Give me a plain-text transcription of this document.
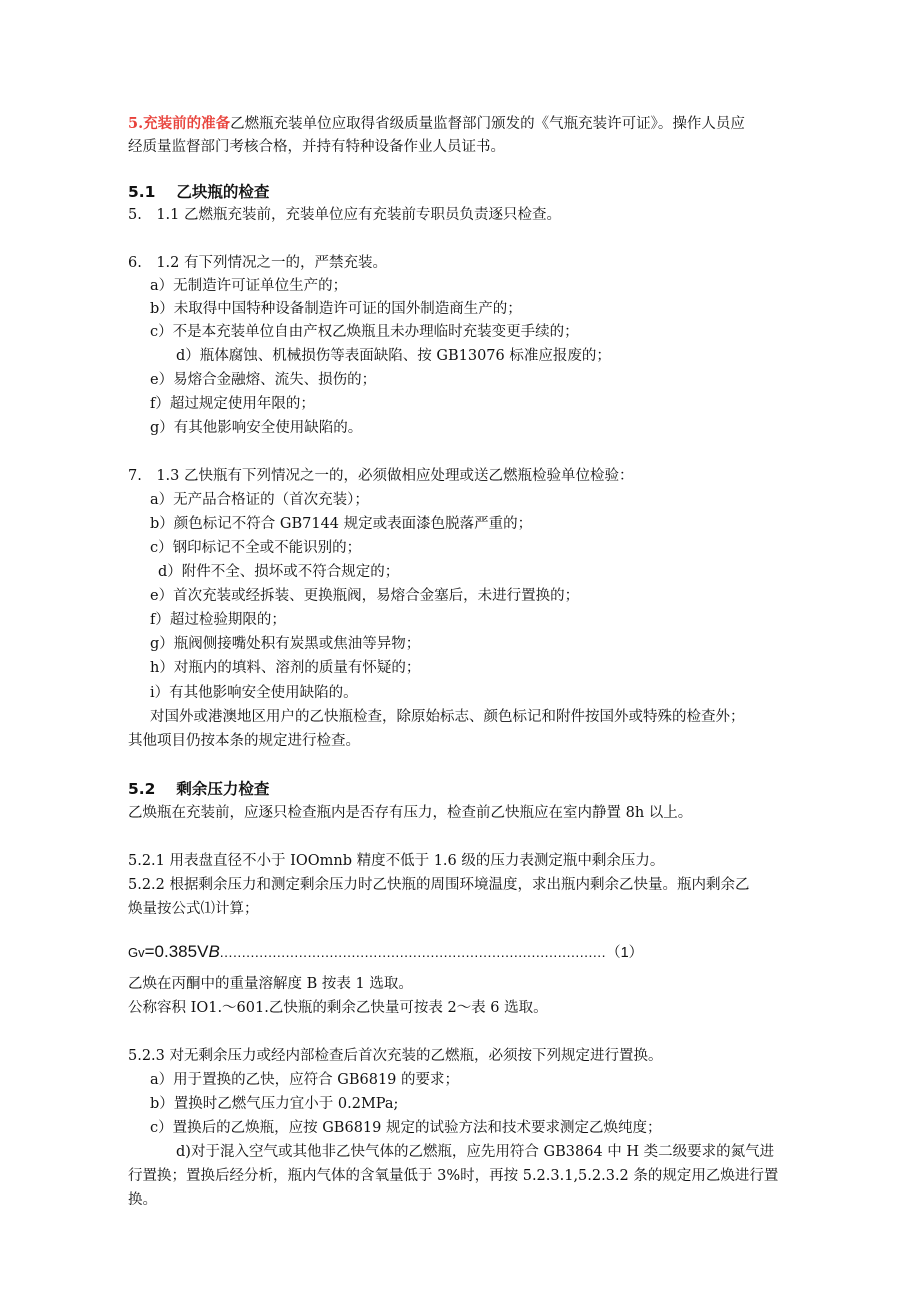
5.充装前的准备乙燃瓶充装单位应取得省级质量监督部门颁发的《气瓶充装许可证》。操作人员应
经质量监督部门考核合格，并持有特种设备作业人员证书。
5.1　 乙块瓶的检查
5.　1.1 乙燃瓶充装前，充装单位应有充装前专职员负责逐只检查。
6.　1.2 有下列情况之一的，严禁充装。
a）无制造许可证单位生产的；
b）未取得中国特种设备制造许可证的国外制造商生产的；
c）不是本充装单位自由产权乙焕瓶且未办理临时充装变更手续的；
d）瓶体腐蚀、机械损伤等表面缺陷、按 GB13076 标准应报废的；
e）易熔合金融熔、流失、损伤的；
f）超过规定使用年限的；
g）有其他影响安全使用缺陷的。
7.　1.3 乙快瓶有下列情况之一的，必须做相应处理或送乙燃瓶检验单位检验：
a）无产品合格证的（首次充装）；
b）颜色标记不符合 GB7144 规定或表面漆色脱落严重的；
c）钢印标记不全或不能识别的；
d）附件不全、损坏或不符合规定的；
e）首次充装或经拆装、更换瓶阀，易熔合金塞后，未进行置换的；
f）超过检验期限的；
g）瓶阀侧接嘴处积有炭黑或焦油等异物；
h）对瓶内的填料、溶剂的质量有怀疑的；
i）有其他影响安全使用缺陷的。
对国外或港澳地区用户的乙快瓶检查，除原始标志、颜色标记和附件按国外或特殊的检查外；
其他项目仍按本条的规定进行检查。
5.2　 剩余压力检查
乙焕瓶在充装前，应逐只检查瓶内是否存有压力，检查前乙快瓶应在室内静置 8h 以上。
5.2.1 用表盘直径不小于 IOOmnb 精度不低于 1.6 级的压力表测定瓶中剩余压力。
5.2.2 根据剩余压力和测定剩余压力时乙快瓶的周围环境温度，求出瓶内剩余乙快量。瓶内剩余乙
焕量按公式⑴计算；
Gv=0.385VB........................................................................................（1）
乙焕在丙酮中的重量溶解度 B 按表 1 选取。
公称容积 IO1.～601.乙快瓶的剩余乙快量可按表 2～表 6 选取。
5.2.3 对无剩余压力或经内部检查后首次充装的乙燃瓶，必须按下列规定进行置换。
a）用于置换的乙快，应符合 GB6819 的要求；
b）置换时乙燃气压力宜小于 0.2MPa;
c）置换后的乙焕瓶，应按 GB6819 规定的试验方法和技术要求测定乙焕纯度；
d)对于混入空气或其他非乙快气体的乙燃瓶，应先用符合 GB3864 中 H 类二级要求的氮气进
行置换；置换后经分析，瓶内气体的含氧量低于 3%时，再按 5.2.3.1,5.2.3.2 条的规定用乙焕进行置
换。
